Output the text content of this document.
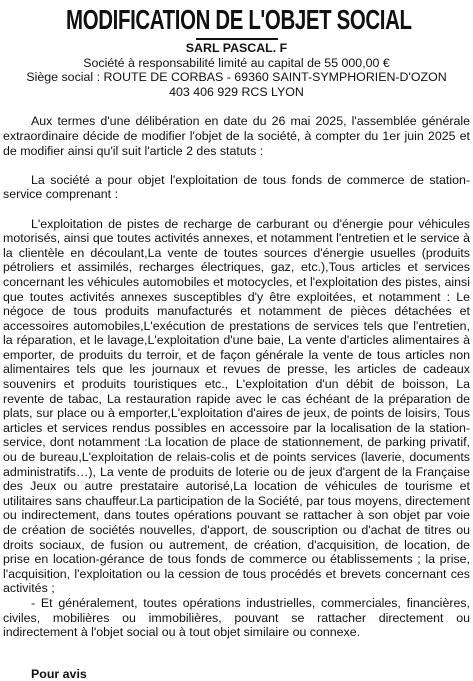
MODIFICATION DE L'OBJET SOCIAL
SARL PASCAL. F
Société à responsabilité limité au capital de 55 000,00 €
Siège social : ROUTE DE CORBAS - 69360 SAINT-SYMPHORIEN-D'OZON
403 406 929 RCS LYON

Aux termes d'une délibération en date du 26 mai 2025, l'assemblée générale extraordinaire décide de modifier l'objet de la société, à compter du 1er juin 2025 et de modifier ainsi qu'il suit l'article 2 des statuts :

La société a pour objet l'exploitation de tous fonds de commerce de station-service comprenant :

L'exploitation de pistes de recharge de carburant ou d'énergie pour véhicules motorisés, ainsi que toutes activités annexes, et notamment l'entretien et le service à la clientèle en découlant,La vente de toutes sources d'énergie usuelles (produits pétroliers et assimilés, recharges électriques, gaz, etc.),Tous articles et services concernant les véhicules automobiles et motocycles, et l'exploitation des pistes, ainsi que toutes activités annexes susceptibles d'y être exploitées, et notamment : Le négoce de tous produits manufacturés et notamment de pièces détachées et accessoires automobiles,L'exécution de prestations de services tels que l'entretien, la réparation, et le lavage,L'exploitation d'une baie, La vente d'articles alimentaires à emporter, de produits du terroir, et de façon générale la vente de tous articles non alimentaires tels que les journaux et revues de presse, les articles de cadeaux souvenirs et produits touristiques etc., L'exploitation d'un débit de boisson, La revente de tabac, La restauration rapide avec le cas échéant de la préparation de plats, sur place ou à emporter,L'exploitation d'aires de jeux, de points de loisirs, Tous articles et services rendus possibles en accessoire par la localisation de la station-service, dont notamment :La location de place de stationnement, de parking privatif, ou de bureau,L'exploitation de relais-colis et de points services (laverie, documents administratifs…), La vente de produits de loterie ou de jeux d'argent de la Française des Jeux ou autre prestataire autorisé,La location de véhicules de tourisme et utilitaires sans chauffeur.La participation de la Société, par tous moyens, directement ou indirectement, dans toutes opérations pouvant se rattacher à son objet par voie de création de sociétés nouvelles, d'apport, de souscription ou d'achat de titres ou droits sociaux, de fusion ou autrement, de création, d'acquisition, de location, de prise en location-gérance de tous fonds de commerce ou établissements ; la prise, l'acquisition, l'exploitation ou la cession de tous procédés et brevets concernant ces activités ;

- Et généralement, toutes opérations industrielles, commerciales, financières, civiles, mobilières ou immobilières, pouvant se rattacher directement ou indirectement à l'objet social ou à tout objet similaire ou connexe.

Pour avis
